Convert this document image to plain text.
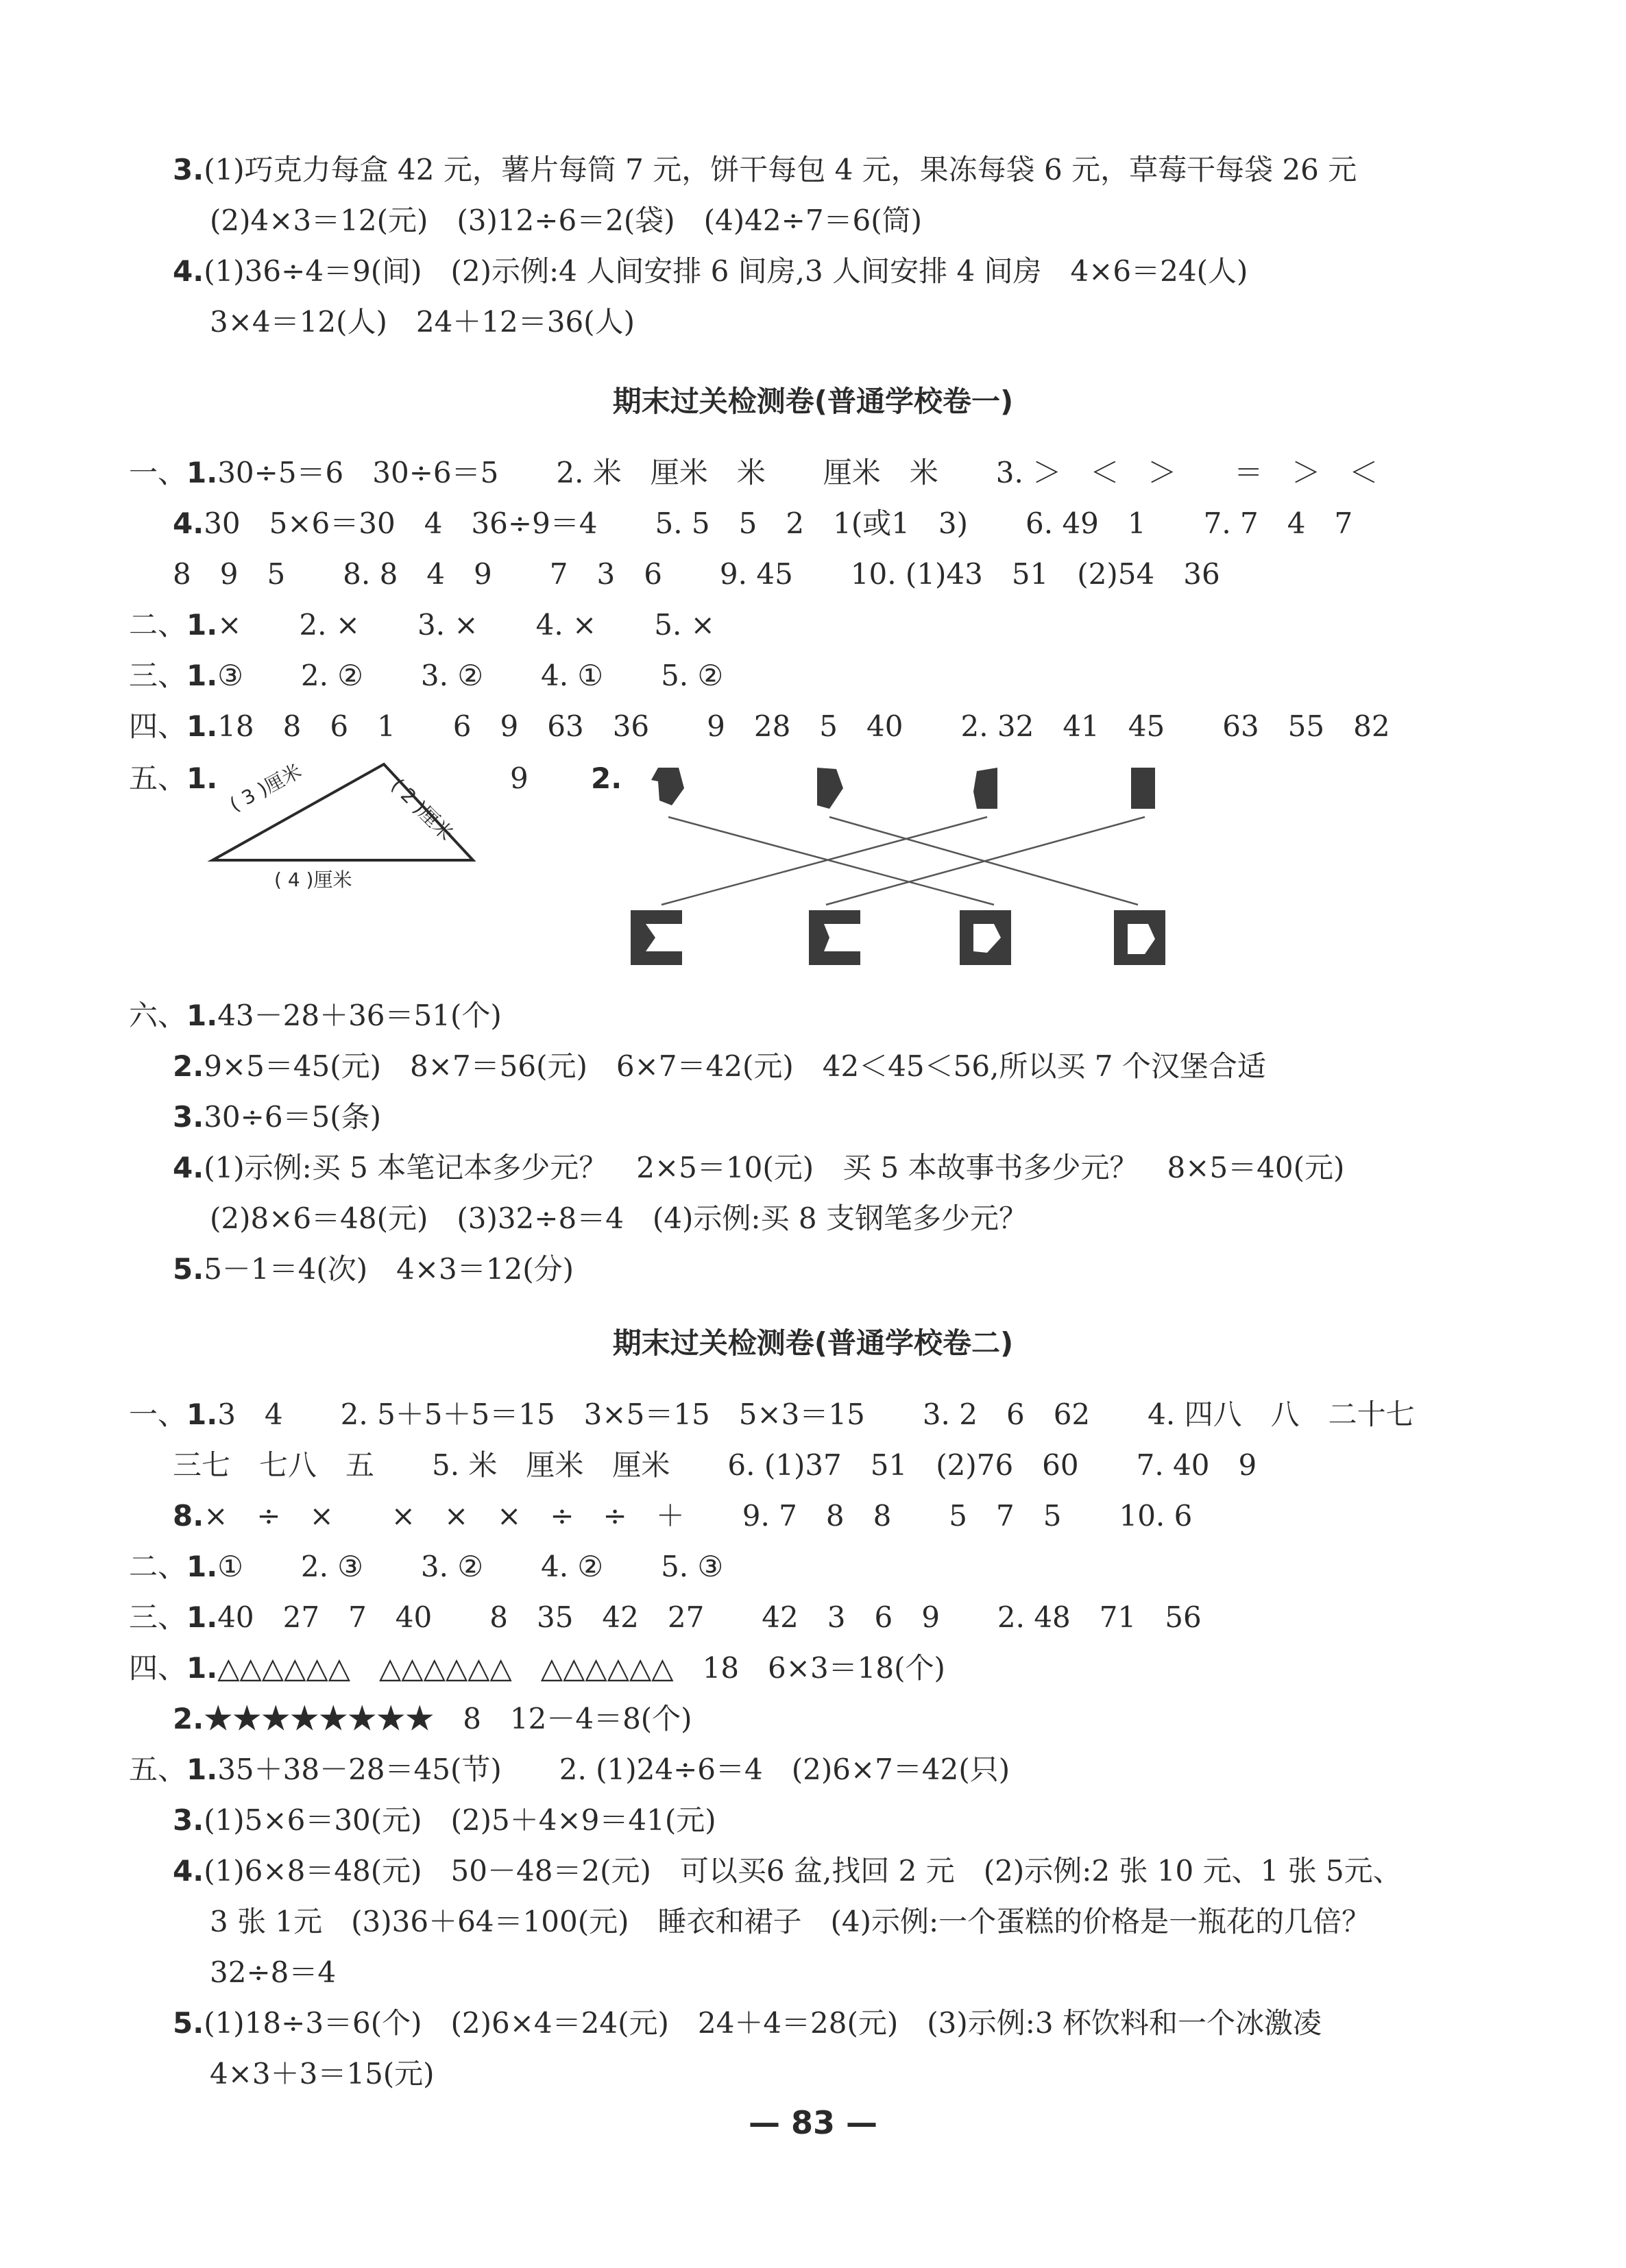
3.(1)巧克力每盒 42 元，薯片每筒 7 元，饼干每包 4 元，果冻每袋 6 元，草莓干每袋 26 元
(2)4×3＝12(元)　(3)12÷6＝2(袋)　(4)42÷7＝6(筒)
4.(1)36÷4＝9(间)　(2)示例:4 人间安排 6 间房,3 人间安排 4 间房　4×6＝24(人)
3×4＝12(人)　24＋12＝36(人)
期末过关检测卷(普通学校卷一)
一、1.30÷5＝6　30÷6＝5　　2. 米　厘米　米　　厘米　米　　3. ＞　＜　＞　　＝　＞　＜
4.30　5×6＝30　4　36÷9＝4　　5. 5　5　2　1(或1　3)　　6. 49　1　　7. 7　4　7
8　9　5　　8. 8　4　9　　7　3　6　　9. 45　　10. (1)43　51　(2)54　36
二、1.×　　2. ×　　3. ×　　4. ×　　5. ×
三、1.③　　2. ②　　3. ②　　4. ①　　5. ②
四、1.18　8　6　1　　6　9　63　36　　9　28　5　40　　2. 32　41　45　　63　55　82
五、1. ( 3 )厘米	( 2 )厘米
( 4 )厘米
9 2.
六、1.43－28＋36＝51(个)
2.9×5＝45(元)　8×7＝56(元)　6×7＝42(元)　42＜45＜56,所以买 7 个汉堡合适
3.30÷6＝5(条)
4.(1)示例:买 5 本笔记本多少元？　2×5＝10(元)　买 5 本故事书多少元？　8×5＝40(元)
(2)8×6＝48(元)　(3)32÷8＝4　(4)示例:买 8 支钢笔多少元？
5.5－1＝4(次)　4×3＝12(分)
期末过关检测卷(普通学校卷二)
一、1.3　4　　2. 5＋5＋5＝15　3×5＝15　5×3＝15　　3. 2　6　62　　4. 四八　八　二十七
三七　七八　五　　5. 米　厘米　厘米　　6. (1)37　51　(2)76　60　　7. 40　9
8.×　÷　×　　×　×　×　÷　÷　＋　　9. 7　8　8　　5　7　5　　10. 6
二、1.①　　2. ③　　3. ②　　4. ②　　5. ③
三、1.40　27　7　40　　8　35　42　27　　42　3　6　9　　2. 48　71　56
四、1.△△△△△△　△△△△△△　△△△△△△　18　6×3＝18(个)
2.★★★★★★★★　8　12－4＝8(个)
五、1.35＋38－28＝45(节)　　2. (1)24÷6＝4　(2)6×7＝42(只)
3.(1)5×6＝30(元)　(2)5＋4×9＝41(元)
4.(1)6×8＝48(元)　50－48＝2(元)　可以买6 盆,找回 2 元　(2)示例:2 张 10 元、1 张 5元、
3 张 1元　(3)36＋64＝100(元)　睡衣和裙子　(4)示例:一个蛋糕的价格是一瓶花的几倍？
32÷8＝4
5.(1)18÷3＝6(个)　(2)6×4＝24(元)　24＋4＝28(元)　(3)示例:3 杯饮料和一个冰激凌
4×3＋3＝15(元)
— 83 —
